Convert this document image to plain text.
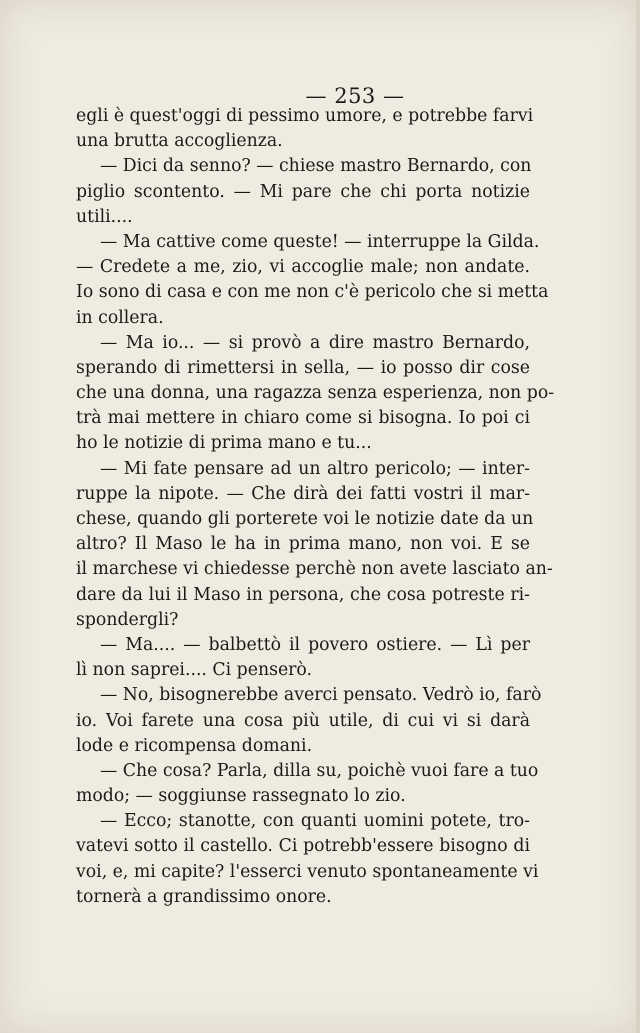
— 253 —
egli è quest'oggi di pessimo umore, e potrebbe farvi
una brutta accoglienza.
— Dici da senno? — chiese mastro Bernardo, con
piglio scontento. — Mi pare che chi porta notizie
utili....
— Ma cattive come queste! — interruppe la Gilda.
— Credete a me, zio, vi accoglie male; non andate.
Io sono di casa e con me non c'è pericolo che si metta
in collera.
— Ma io... — si provò a dire mastro Bernardo,
sperando di rimettersi in sella, — io posso dir cose
che una donna, una ragazza senza esperienza, non po-
trà mai mettere in chiaro come si bisogna. Io poi ci
ho le notizie di prima mano e tu...
— Mi fate pensare ad un altro pericolo; — inter-
ruppe la nipote. — Che dirà dei fatti vostri il mar-
chese, quando gli porterete voi le notizie date da un
altro? Il Maso le ha in prima mano, non voi. E se
il marchese vi chiedesse perchè non avete lasciato an-
dare da lui il Maso in persona, che cosa potreste ri-
spondergli?
— Ma.... — balbettò il povero ostiere. — Lì per
lì non saprei.... Ci penserò.
— No, bisognerebbe averci pensato. Vedrò io, farò
io. Voi farete una cosa più utile, di cui vi si darà
lode e ricompensa domani.
— Che cosa? Parla, dilla su, poichè vuoi fare a tuo
modo; — soggiunse rassegnato lo zio.
— Ecco; stanotte, con quanti uomini potete, tro-
vatevi sotto il castello. Ci potrebb'essere bisogno di
voi, e, mi capite? l'esserci venuto spontaneamente vi
tornerà a grandissimo onore.
